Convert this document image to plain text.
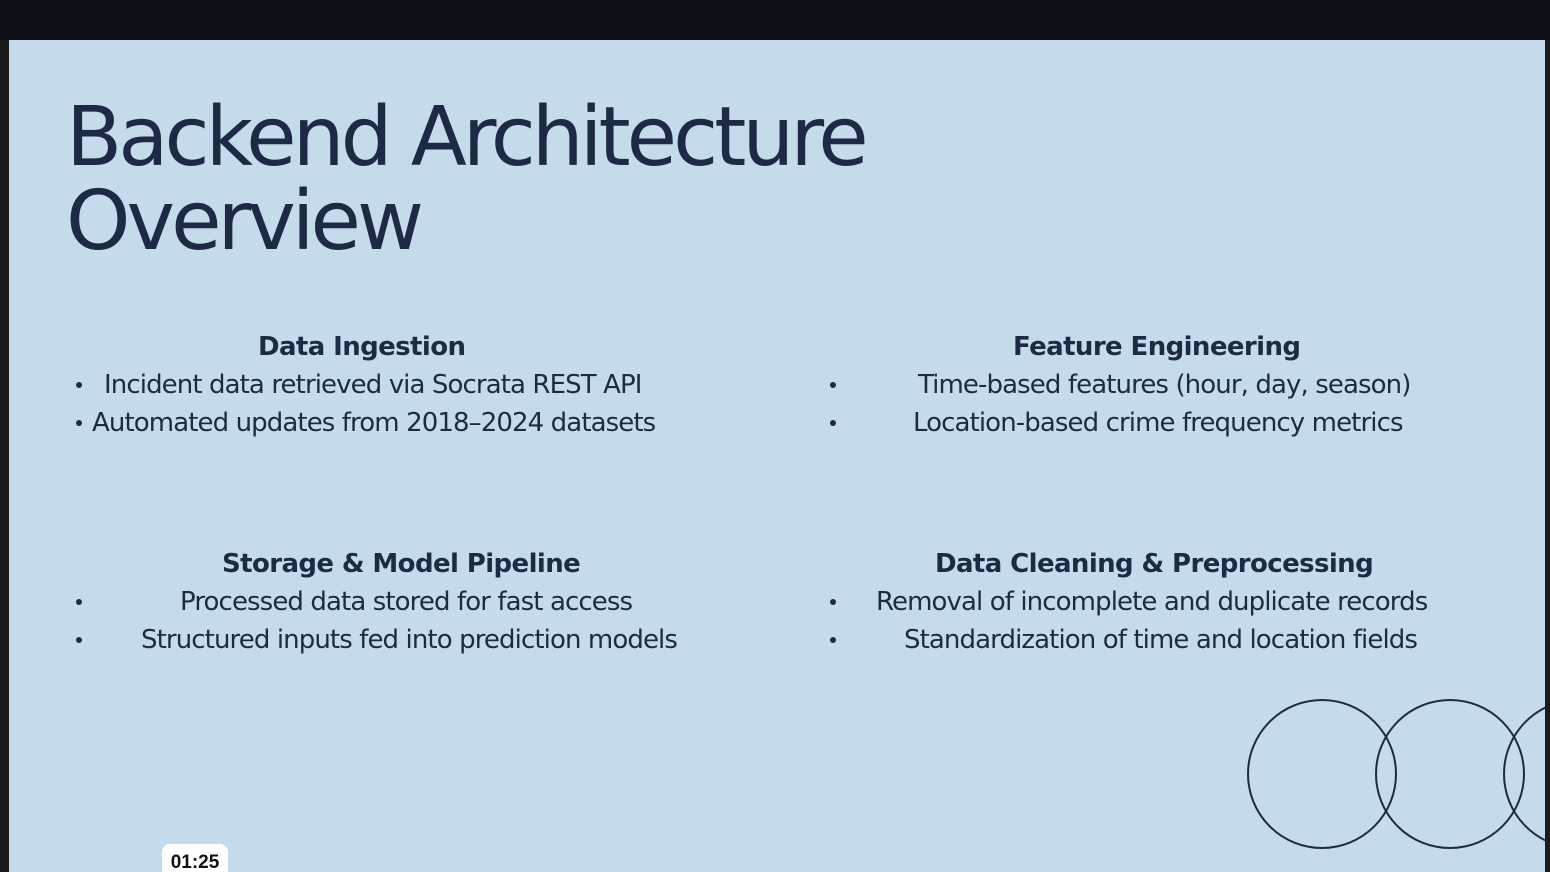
Backend Architecture
Overview
Data Ingestion
Incident data retrieved via Socrata REST API
Automated updates from 2018–2024 datasets
Feature Engineering
Time-based features (hour, day, season)
Location-based crime frequency metrics
Storage & Model Pipeline
Processed data stored for fast access
Structured inputs fed into prediction models
Data Cleaning & Preprocessing
Removal of incomplete and duplicate records
Standardization of time and location fields
01:25
